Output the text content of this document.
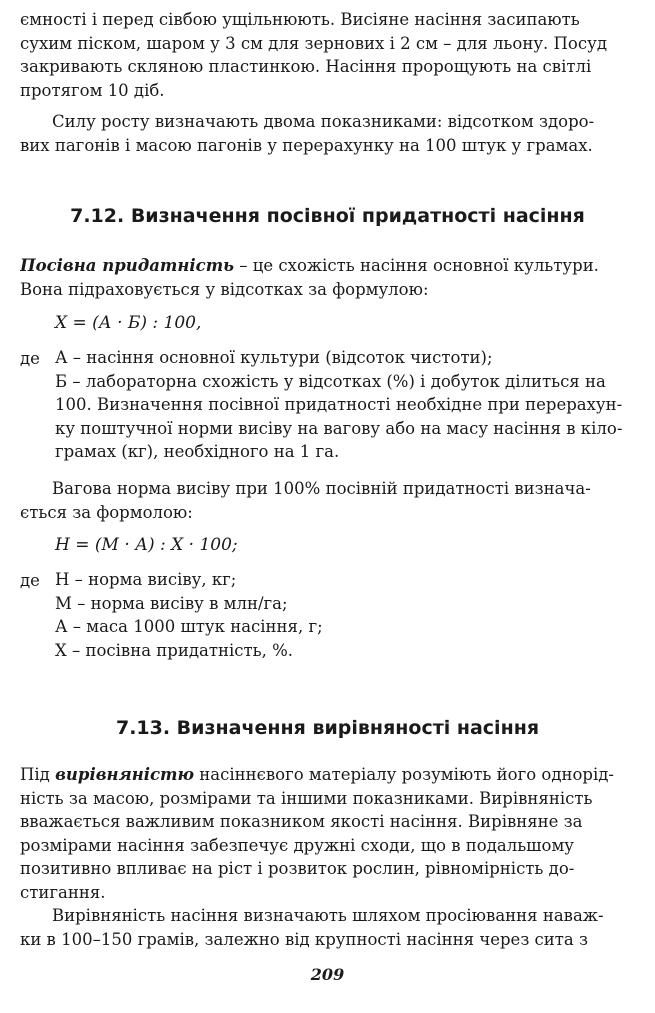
ємності і перед сівбою ущільнюють. Висіяне насіння засипають
сухим піском, шаром у 3 см для зернових і 2 см – для льону. Посуд
закривають скляною пластинкою. Насіння пророщують на світлі
протягом 10 діб.
Силу росту визначають двома показниками: відсотком здоро-
вих пагонів і масою пагонів у перерахунку на 100 штук у грамах.
7.12. Визначення посівної придатності насіння
Посівна придатність – це схожість насіння основної культури.
Вона підраховується у відсотках за формулою:
Х = (А · Б) : 100,
де А – насіння основної культури (відсоток чистоти);
Б – лабораторна схожість у відсотках (%) і добуток ділиться на
100. Визначення посівної придатності необхідне при перерахун-
ку поштучної норми висіву на вагову або на масу насіння в кіло-
грамах (кг), необхідного на 1 га.
Вагова норма висіву при 100% посівній придатності визнача-
ється за формолою:
Н = (М · А) : Х · 100;
де Н – норма висіву, кг;
М – норма висіву в млн/га;
А – маса 1000 штук насіння, г;
Х – посівна придатність, %.
7.13. Визначення вирівняності насіння
Під вирівняністю насіннєвого матеріалу розуміють його однорід-
ність за масою, розмірами та іншими показниками. Вирівняність
вважається важливим показником якості насіння. Вирівняне за
розмірами насіння забезпечує дружні сходи, що в подальшому
позитивно впливає на ріст і розвиток рослин, рівномірність до-
стигання.
Вирівняність насіння визначають шляхом просіювання наваж-
ки в 100–150 грамів, залежно від крупності насіння через сита з
209
